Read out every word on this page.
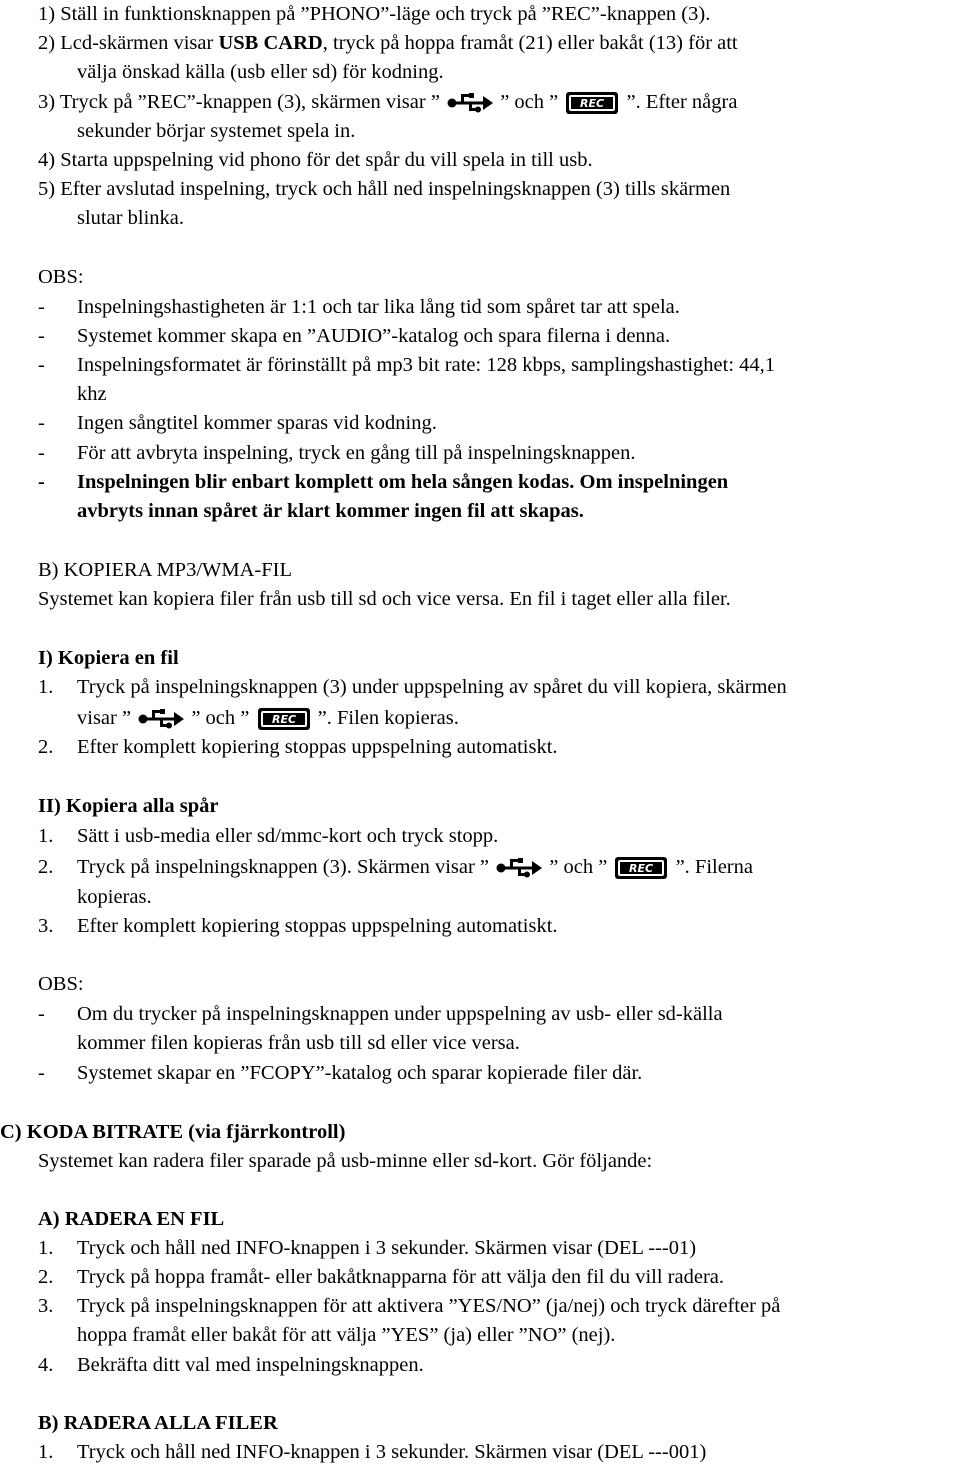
1) Ställ in funktionsknappen på ”PHONO”-läge och tryck på ”REC”-knappen (3).
2) Lcd-skärmen visar USB CARD, tryck på hoppa framåt (21) eller bakåt (13) för att
välja önskad källa (usb eller sd) för kodning.
3) Tryck på ”REC”-knappen (3), skärmen visar ”	” och ” REC ”. Efter några
sekunder börjar systemet spela in.
4) Starta uppspelning vid phono för det spår du vill spela in till usb.
5) Efter avslutad inspelning, tryck och håll ned inspelningsknappen (3) tills skärmen
slutar blinka.
OBS:
- Inspelningshastigheten är 1:1 och tar lika lång tid som spåret tar att spela.
- Systemet kommer skapa en ”AUDIO”-katalog och spara filerna i denna.
- Inspelningsformatet är förinställt på mp3 bit rate: 128 kbps, samplingshastighet: 44,1
khz
- Ingen sångtitel kommer sparas vid kodning.
- För att avbryta inspelning, tryck en gång till på inspelningsknappen.
- Inspelningen blir enbart komplett om hela sången kodas. Om inspelningen
avbryts innan spåret är klart kommer ingen fil att skapas.
B) KOPIERA MP3/WMA-FIL
Systemet kan kopiera filer från usb till sd och vice versa. En fil i taget eller alla filer.
I) Kopiera en fil
1. Tryck på inspelningsknappen (3) under uppspelning av spåret du vill kopiera, skärmen
visar ”	” och ” REC ”. Filen kopieras.
2. Efter komplett kopiering stoppas uppspelning automatiskt.
II) Kopiera alla spår
1. Sätt i usb-media eller sd/mmc-kort och tryck stopp.
2. Tryck på inspelningsknappen (3). Skärmen visar ”	” och ” REC ”. Filerna
kopieras.
3. Efter komplett kopiering stoppas uppspelning automatiskt.
OBS:
- Om du trycker på inspelningsknappen under uppspelning av usb- eller sd-källa
kommer filen kopieras från usb till sd eller vice versa.
- Systemet skapar en ”FCOPY”-katalog och sparar kopierade filer där.
C) KODA BITRATE (via fjärrkontroll)
Systemet kan radera filer sparade på usb-minne eller sd-kort. Gör följande:
A) RADERA EN FIL
1. Tryck och håll ned INFO-knappen i 3 sekunder. Skärmen visar (DEL ---01)
2. Tryck på hoppa framåt- eller bakåtknapparna för att välja den fil du vill radera.
3. Tryck på inspelningsknappen för att aktivera ”YES/NO” (ja/nej) och tryck därefter på
hoppa framåt eller bakåt för att välja ”YES” (ja) eller ”NO” (nej).
4. Bekräfta ditt val med inspelningsknappen.
B) RADERA ALLA FILER
1. Tryck och håll ned INFO-knappen i 3 sekunder. Skärmen visar (DEL ---001)
